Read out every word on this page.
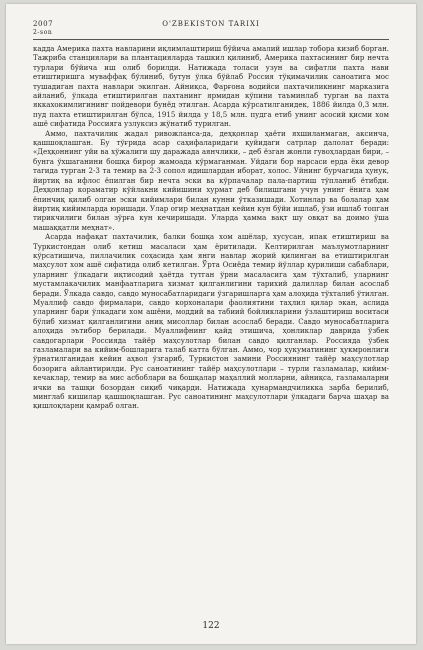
2007
2-son
O'ZBEKISTON TARIXI

кадда Америка пахта навларини иқлимлаштириш бўйича амалий ишлар тобора кизиб борган. Тажриба станциялари ва плантацияларда ташкил қилиниб, Америка пахтасининг бир нечта турлари бўйича иш олиб борилди. Натижада толаси узун ва сифатли пахта нави етиштиришга муваффақ бўлиниб, бутун ўлка бўйлаб Россия тўқимачилик саноатига мос тушадиган пахта навлари экилган. Айниқса, Фарғона водийси пахтачиликнинг марказига айланиб, ўлкада етиштирилган пахтанинг ярмидан кўпини таъминлаб турган ва пахта яккахокимлигининг пойдевори бунёд этилган. Асарда кўрсатилганидек, 1886 йилда 0,3 млн. пуд пахта етиштирилган бўлса, 1915 йилда у 18,5 млн. пудга етиб унинг асосий қисми хом ашё сифатида Россияга узлуксиз жўнатиб турилган.

Аммо, пахтачилик жадал ривожланса-да, деҳқонлар ҳаёти яхшиланмаган, аксинча, қашшоқлашган. Бу тўғрида асар саҳифаларидаги қуйидаги сатрлар далолат беради: «Деҳқоннинг уйи ва хўжалиги шу даражада аянчлики, – деб ёзган жонли гувоҳлардан бири, – бунга ўхшаганини бошқа бирор жамоада кўрмаганман. Уйдаги бор нарсаси ерда ёки девор тагида турган 2-3 та темир ва 2-3 сопол идишлардан иборат, холос. Уйнинг бурчагида ҳунук, йиртиқ ва ифлос ёпилган бир нечта эски ва кўрпачалар пала-партиш тўпланиб ётибди. Деҳқонлар кораматир кўйлакни кийишини хурмат деб билишгани учун унинг ёнига ҳам ёпинчиқ қилиб олган эски кийимлари билан кунни ўтказишади. Хотинлар ва болалар ҳам йиртиқ кийимларда юришади. Улар огир меҳнатдан кейин кун бўйи ишлаб, ўзи ишлаб топган тирикчилиги билан зўрға кун кечиришади. Уларда ҳамма вақт шу овқат ва доимо ўша машаққатли меҳнат».

Асарда нафақат пахтачилик, балки бошқа хом ашёлар, хусусан, ипак етиштириш ва Туркистондан олиб кетиш масаласи ҳам ёритилади. Келтирилган маълумотларнинг кўрсатишича, пиллачилик соҳасида ҳам янги навлар жорий қилинган ва етиштирилган маҳсулот хом ашё сифатида олиб кетилган. Ўрта Осиёда темир йўллар қурилиши сабаблари, уларнинг ўлкадаги иқтисодий ҳаётда тутган ўрни масаласига ҳам тўхталиб, уларнинг мустамлакачилик манфаатларига хизмат қилганлигини тарихий далиллар билан асослаб беради. Ўлкада савдо, савдо муносабатларидаги ўзгаришларга ҳам алоҳида тўхталиб ўтилган. Муаллиф савдо фирмалари, савдо корхоналари фаолиятини таҳлил қилар экан, аслида уларнинг бари ўлкадаги хом ашёни, моддий ва табиий бойликларини ўзлаштириш воситаси бўлиб хизмат қилганлигини аниқ мисоллар билан асослаб беради. Савдо муносабатларига алоҳида эътибор берилади. Муаллифнинг қайд этишича, ҳонликлар даврида ўзбек савдогарлари Россияда тайёр маҳсулотлар билан савдо қилганлар. Россияда ўзбек газламалари ва кийим-бошларига талаб катта бўлган. Аммо, чор ҳукуматининг ҳукмронлиги ўрнатилганидан кейин аҳвол ўзгариб, Туркистон замини Россиянинг тайёр маҳсулотлар бозорига айлантирилди. Рус саноатининг тайёр маҳсулотлари – турли газламалар, кийим-кечаклар, темир ва мис асбоблари ва бошқалар маҳаллий молларни, айниқса, газламаларни ички ва ташқи бозордан сиқиб чиқарди. Натижада ҳунармандчиликка зарба берилиб, минглаб кишилар қашшоқлашган. Рус саноатининг маҳсулотлари ўлкадаги барча шаҳар ва қишлоқларни қамраб олган.

122
